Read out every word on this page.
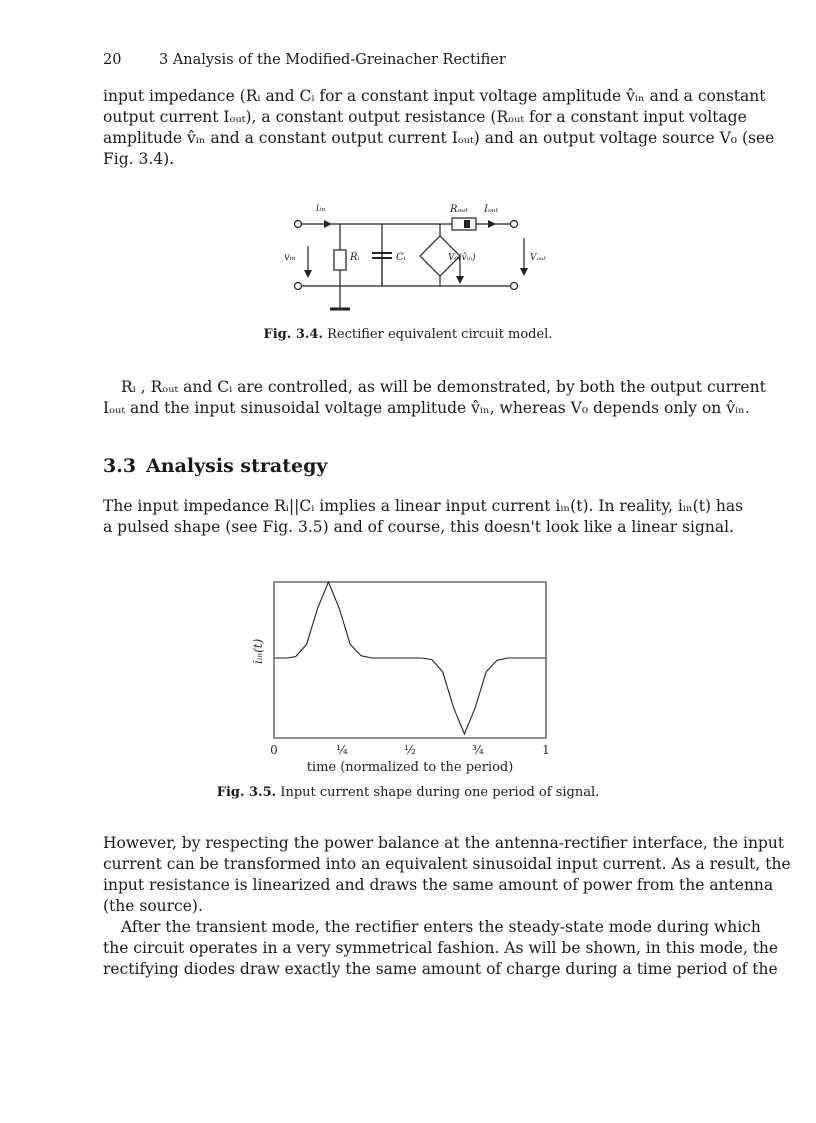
20	3 Analysis of the Modified-Greinacher Rectifier
input impedance (Rᵢ and Cᵢ for a constant input voltage amplitude v̂ᵢₙ and a constant
output current Iₒᵤₜ), a constant output resistance (Rₒᵤₜ for a constant input voltage
amplitude v̂ᵢₙ and a constant output current Iₒᵤₜ) and an output voltage source V₀ (see
Fig. 3.4).
iᵢₙ
vᵢₙ	Rᵢ	Cᵢ
Rₒᵤₜ Iₒᵤₜ
V₀(v̂ᵢₙ)	Vₒᵤₜ
Fig. 3.4. Rectifier equivalent circuit model.
Rᵢ , Rₒᵤₜ and Cᵢ are controlled, as will be demonstrated, by both the output current
Iₒᵤₜ and the input sinusoidal voltage amplitude v̂ᵢₙ, whereas V₀ depends only on v̂ᵢₙ.
3.3 Analysis strategy
The input impedance Rᵢ||Cᵢ implies a linear input current iᵢₙ(t). In reality, iᵢₙ(t) has
a pulsed shape (see Fig. 3.5) and of course, this doesn't look like a linear signal.
0	¼	½	¾	1
iᵢₙ(t)
time (normalized to the period)
Fig. 3.5. Input current shape during one period of signal.
However, by respecting the power balance at the antenna-rectifier interface, the input
current can be transformed into an equivalent sinusoidal input current. As a result, the
input resistance is linearized and draws the same amount of power from the antenna
(the source).
After the transient mode, the rectifier enters the steady-state mode during which
the circuit operates in a very symmetrical fashion. As will be shown, in this mode, the
rectifying diodes draw exactly the same amount of charge during a time period of the
